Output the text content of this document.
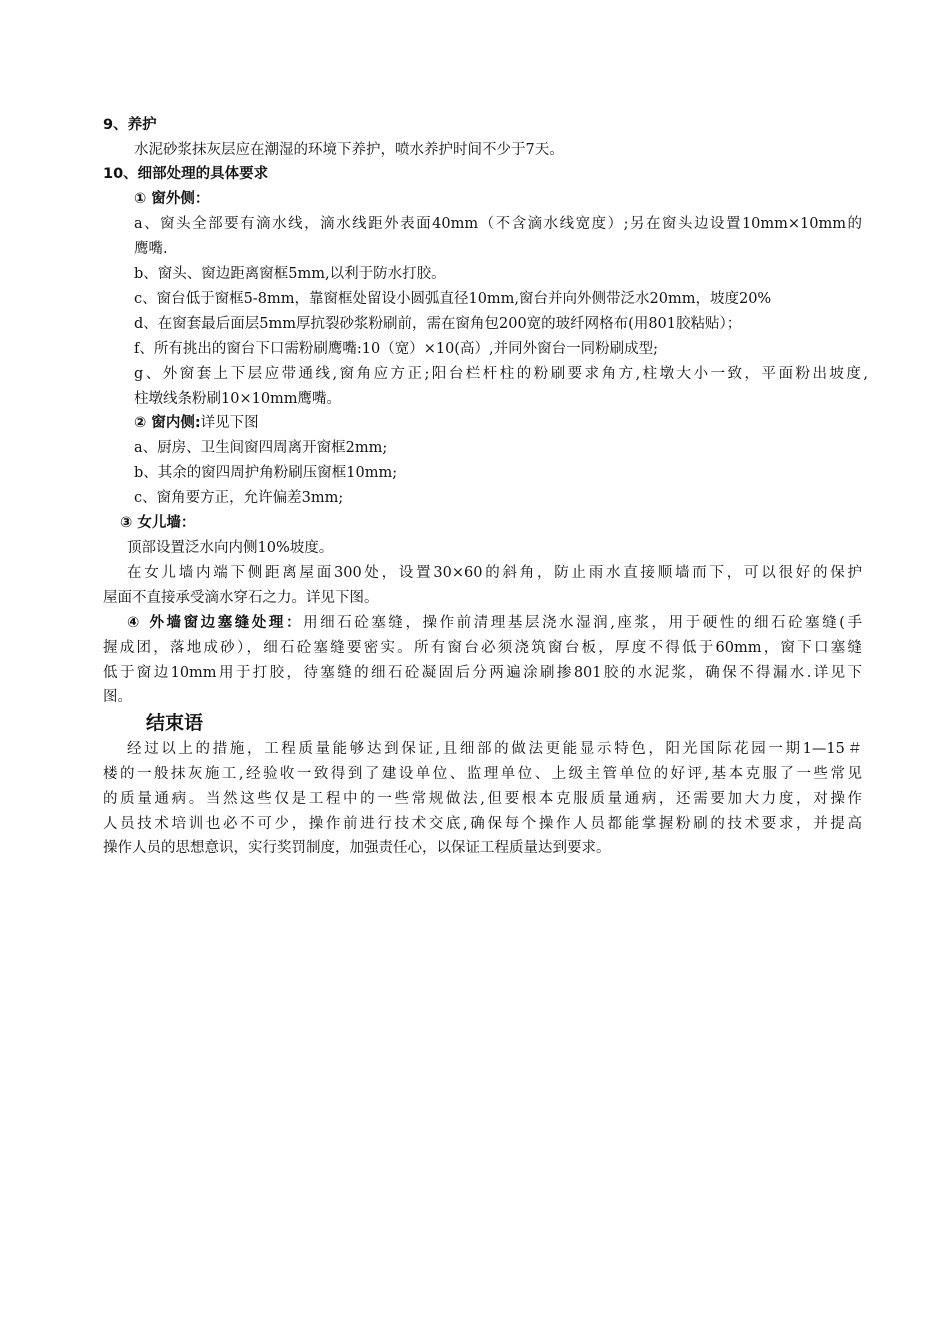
9、养护
水泥砂浆抹灰层应在潮湿的环境下养护，喷水养护时间不少于7天。
10、细部处理的具体要求
① 窗外侧：
a、窗头全部要有滴水线，滴水线距外表面40mm（不含滴水线宽度）;另在窗头边设置10mm×10mm的
鹰嘴.
b、窗头、窗边距离窗框5mm,以利于防水打胶。
c、窗台低于窗框5-8mm，靠窗框处留设小圆弧直径10mm,窗台并向外侧带泛水20mm，坡度20%
d、在窗套最后面层5mm厚抗裂砂浆粉刷前，需在窗角包200宽的玻纤网格布(用801胶粘贴）；
f、所有挑出的窗台下口需粉刷鹰嘴:10（宽）×10(高）,并同外窗台一同粉刷成型;
g、外窗套上下层应带通线,窗角应方正;阳台栏杆柱的粉刷要求角方,柱墩大小一致，平面粉出坡度,
柱墩线条粉刷10×10mm鹰嘴。
② 窗内侧:详见下图
a、厨房、卫生间窗四周离开窗框2mm;
b、其余的窗四周护角粉刷压窗框10mm;
c、窗角要方正，允许偏差3mm;
③ 女儿墙：
顶部设置泛水向内侧10%坡度。
在女儿墙内端下侧距离屋面300处，设置30×60的斜角，防止雨水直接顺墙而下，可以很好的保护
屋面不直接承受滴水穿石之力。详见下图。
④ 外墙窗边塞缝处理：用细石砼塞缝，操作前清理基层浇水湿润,座浆，用于硬性的细石砼塞缝(手
握成团，落地成砂），细石砼塞缝要密实。所有窗台必须浇筑窗台板，厚度不得低于60mm，窗下口塞缝
低于窗边10mm用于打胶，待塞缝的细石砼凝固后分两遍涂刷掺801胶的水泥浆，确保不得漏水.详见下
图。
结束语
经过以上的措施，工程质量能够达到保证,且细部的做法更能显示特色，阳光国际花园一期1—15＃
楼的一般抹灰施工,经验收一致得到了建设单位、监理单位、上级主管单位的好评,基本克服了一些常见
的质量通病。当然这些仅是工程中的一些常规做法,但要根本克服质量通病，还需要加大力度，对操作
人员技术培训也必不可少，操作前进行技术交底,确保每个操作人员都能掌握粉刷的技术要求，并提高
操作人员的思想意识，实行奖罚制度，加强责任心，以保证工程质量达到要求。
